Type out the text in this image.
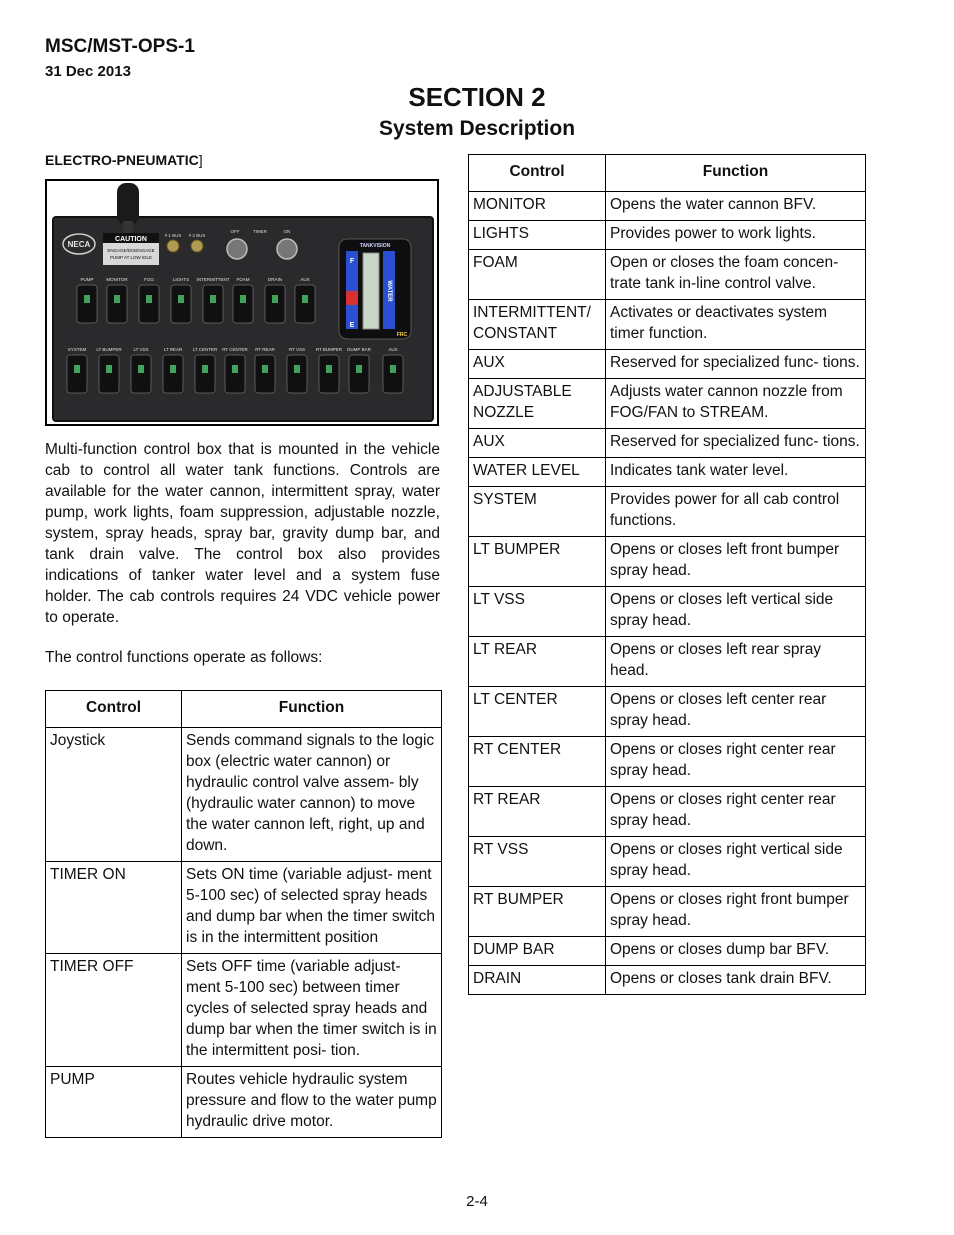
MSC/MST-OPS-1
31 Dec 2013
SECTION 2
System Description
ELECTRO-PNEUMATIC]
NECA
CAUTION
ENGAGE/DISENGAGE
PUMP AT LOW IDLE
# 1 BUS # 2 BUS
OFF	TIMER	ON
TANKVISION
F
E
WATER
FRC
PUMP	MONITOR	FOG	LIGHTS INTERMITTENT FOAM	DRAIN	AUX
SYSTEM LT BUMPER	LT VSS	LT REAR LT CENTER RT CENTER RT REAR	RT VSS RT BUMPER DUMP BAR	AUX

Multi-function control box that is mounted in the vehicle cab to control all water tank functions. Controls are available for the water cannon, intermittent spray, water pump, work lights, foam suppression, adjustable nozzle, system, spray heads, spray bar, gravity dump bar, and tank drain valve. The control box also provides indications of tanker water level and a system fuse holder. The cab controls requires 24 VDC vehicle power to operate.

The control functions operate as follows:

Control	Function
Joystick	Sends command signals to the logic box (electric water cannon) or hydraulic control valve assem- bly (hydraulic water cannon) to move the water cannon left, right, up and down.
TIMER ON	Sets ON time (variable adjust- ment 5-100 sec) of selected spray heads and dump bar when the timer switch is in the intermittent position
TIMER OFF	Sets OFF time (variable adjust- ment 5-100 sec) between timer cycles of selected spray heads and dump bar when the timer switch is in the intermittent posi- tion.
PUMP	Routes vehicle hydraulic system pressure and flow to the water pump hydraulic drive motor.
Control	Function
MONITOR	Opens the water cannon BFV.
LIGHTS	Provides power to work lights.
FOAM	Open or closes the foam concen- trate tank in-line control valve.
INTERMITTENT/ CONSTANT	Activates or deactivates system timer function.
AUX	Reserved for specialized func- tions.
ADJUSTABLE NOZZLE	Adjusts water cannon nozzle from FOG/FAN to STREAM.
AUX	Reserved for specialized func- tions.
WATER LEVEL	Indicates tank water level.
SYSTEM	Provides power for all cab control functions.
LT BUMPER	Opens or closes left front bumper spray head.
LT VSS	Opens or closes left vertical side spray head.
LT REAR	Opens or closes left rear spray head.
LT CENTER	Opens or closes left center rear spray head.
RT CENTER	Opens or closes right center rear spray head.
RT REAR	Opens or closes right center rear spray head.
RT VSS	Opens or closes right vertical side spray head.
RT BUMPER	Opens or closes right front bumper spray head.
DUMP BAR	Opens or closes dump bar BFV.
DRAIN	Opens or closes tank drain BFV.
2-4
